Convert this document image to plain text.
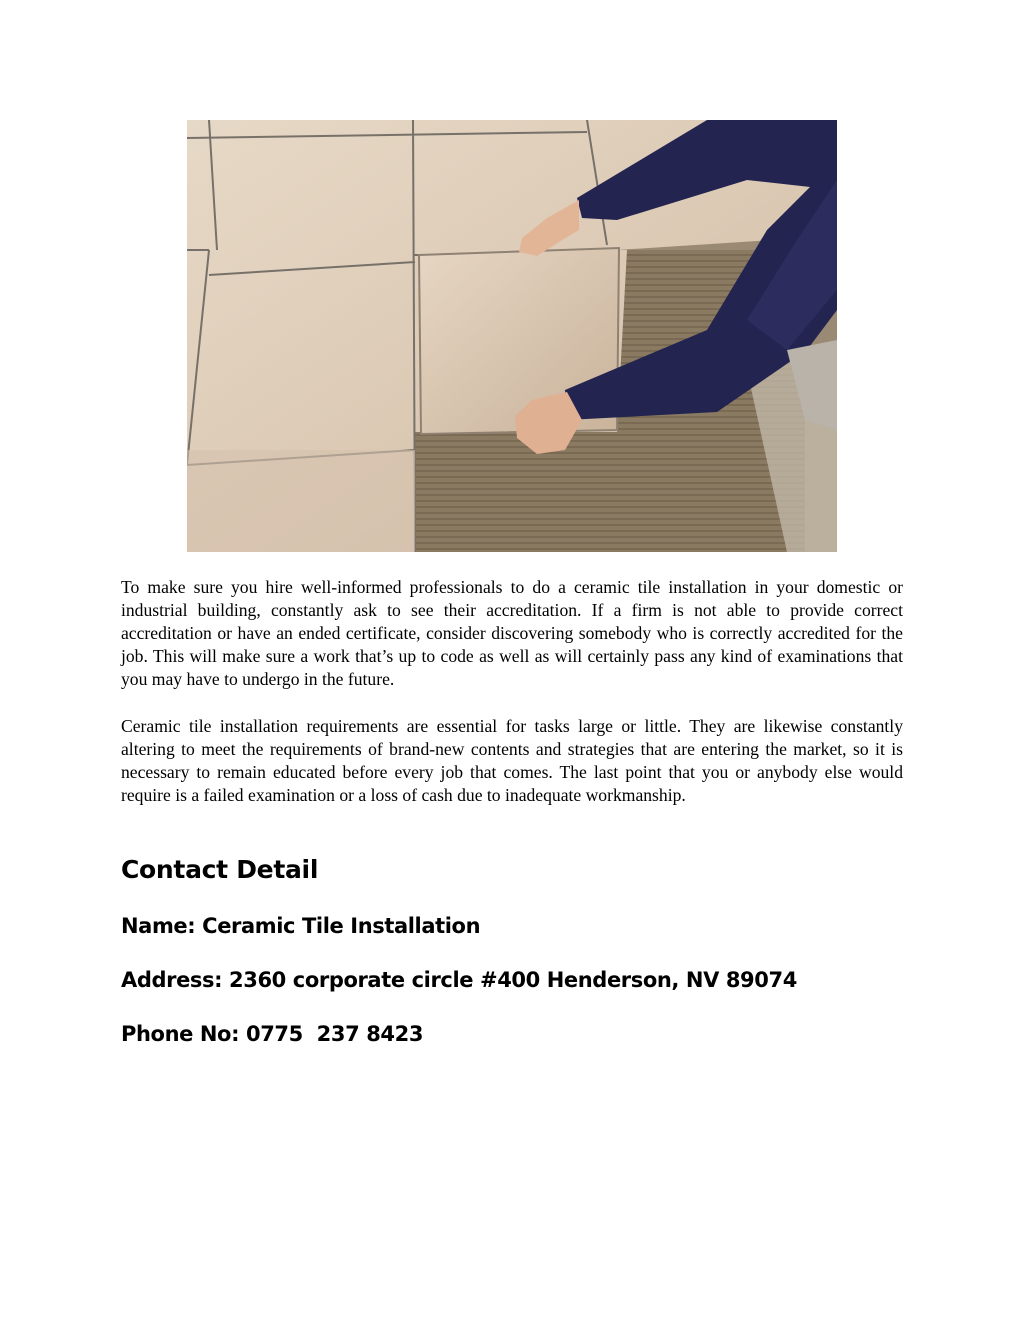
To make sure you hire well-informed professionals to do a ceramic tile installation in your domestic or industrial building, constantly ask to see their accreditation. If a firm is not able to provide correct accreditation or have an ended certificate, consider discovering somebody who is correctly accredited for the job. This will make sure a work that’s up to code as well as will certainly pass any kind of examinations that you may have to undergo in the future.

Ceramic tile installation requirements are essential for tasks large or little. They are likewise constantly altering to meet the requirements of brand-new contents and strategies that are entering the market, so it is necessary to remain educated before every job that comes. The last point that you or anybody else would require is a failed examination or a loss of cash due to inadequate workmanship.

Contact Detail
Name: Ceramic Tile Installation
Address: 2360 corporate circle #400 Henderson, NV 89074
Phone No: 0775  237 8423
